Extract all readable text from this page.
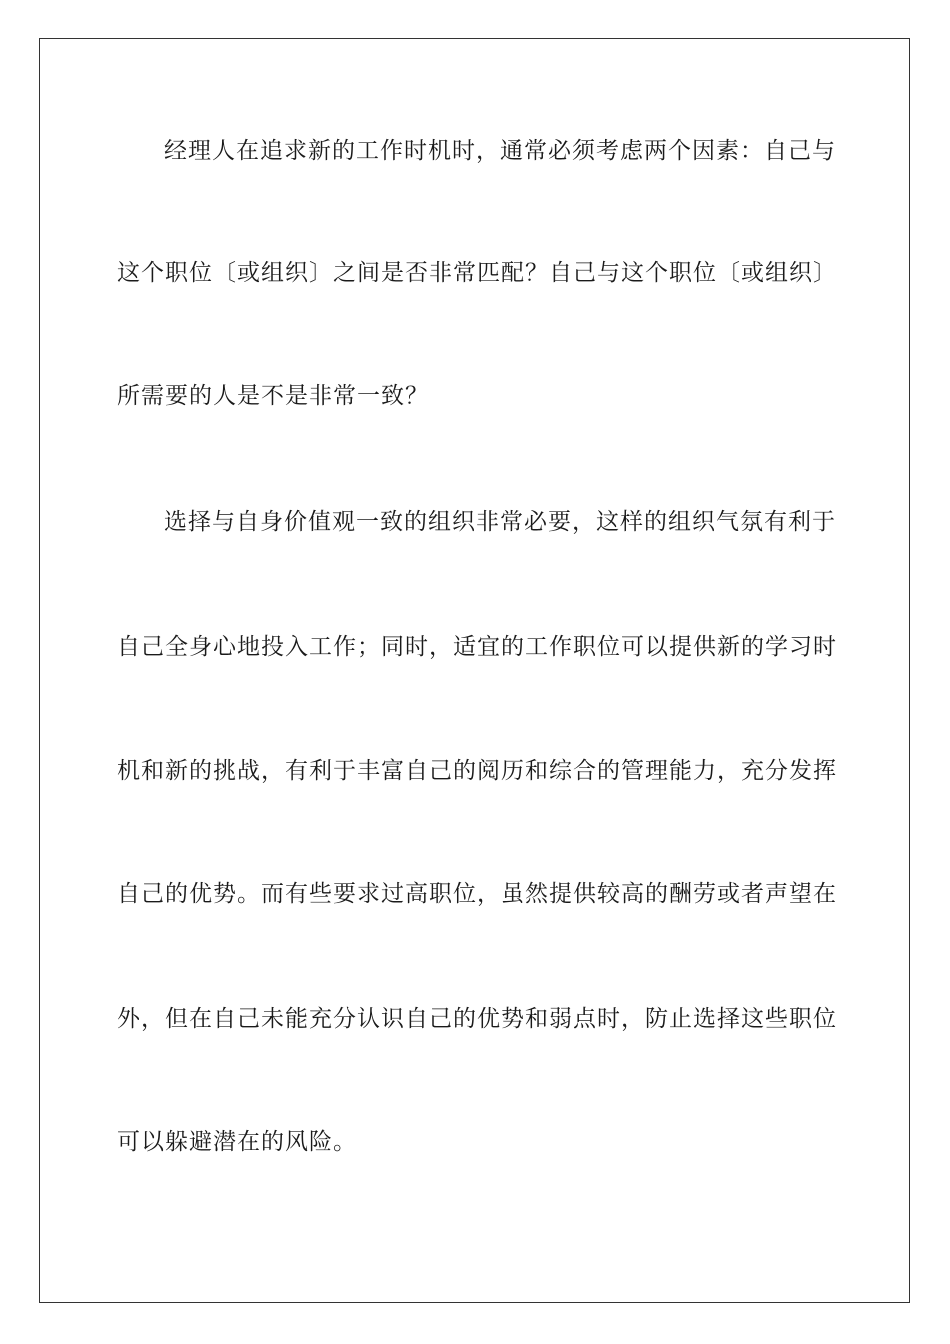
经理人在追求新的工作时机时，通常必须考虑两个因素：自己与

这个职位〔或组织〕之间是否非常匹配？自己与这个职位〔或组织〕

所需要的人是不是非常一致？

选择与自身价值观一致的组织非常必要，这样的组织气氛有利于

自己全身心地投入工作；同时，适宜的工作职位可以提供新的学习时

机和新的挑战，有利于丰富自己的阅历和综合的管理能力，充分发挥

自己的优势。而有些要求过高职位，虽然提供较高的酬劳或者声望在

外，但在自己未能充分认识自己的优势和弱点时，防止选择这些职位

可以躲避潜在的风险。
